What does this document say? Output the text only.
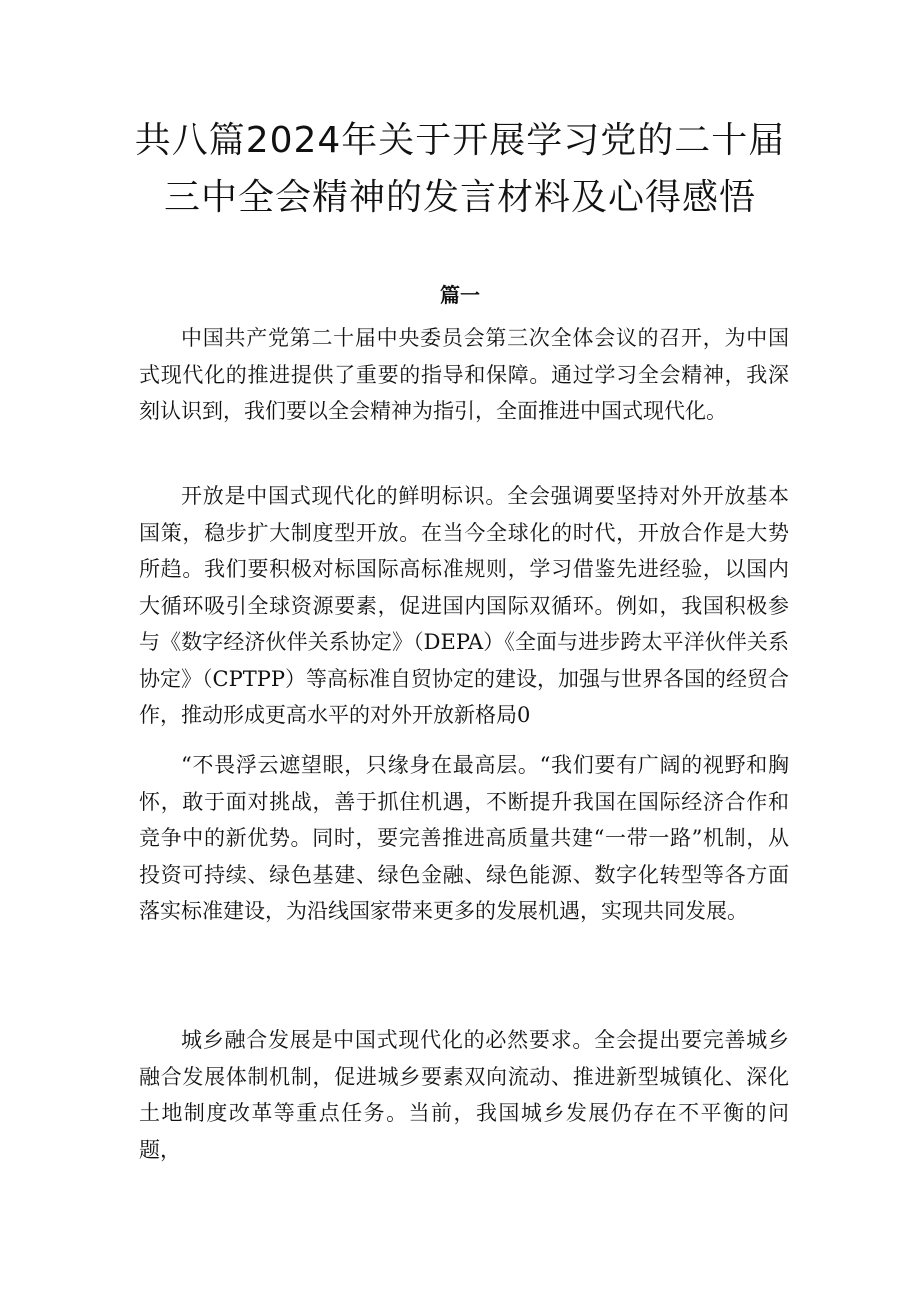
共八篇2024年关于开展学习党的二十届三中全会精神的发言材料及心得感悟
篇一

中国共产党第二十届中央委员会第三次全体会议的召开，为中国式现代化的推进提供了重要的指导和保障。通过学习全会精神，我深刻认识到，我们要以全会精神为指引，全面推进中国式现代化。

开放是中国式现代化的鲜明标识。全会强调要坚持对外开放基本国策，稳步扩大制度型开放。在当今全球化的时代，开放合作是大势所趋。我们要积极对标国际高标准规则，学习借鉴先进经验，以国内大循环吸引全球资源要素，促进国内国际双循环。例如，我国积极参与《数字经济伙伴关系协定》（DEPA）《全面与进步跨太平洋伙伴关系协定》（CPTPP）等高标准自贸协定的建设，加强与世界各国的经贸合作，推动形成更高水平的对外开放新格局0

“不畏浮云遮望眼，只缘身在最高层。“我们要有广阔的视野和胸怀，敢于面对挑战，善于抓住机遇，不断提升我国在国际经济合作和竞争中的新优势。同时，要完善推进高质量共建“一带一路”机制，从投资可持续、绿色基建、绿色金融、绿色能源、数字化转型等各方面落实标准建设，为沿线国家带来更多的发展机遇，实现共同发展。

城乡融合发展是中国式现代化的必然要求。全会提出要完善城乡融合发展体制机制，促进城乡要素双向流动、推进新型城镇化、深化土地制度改革等重点任务。当前，我国城乡发展仍存在不平衡的问题，
